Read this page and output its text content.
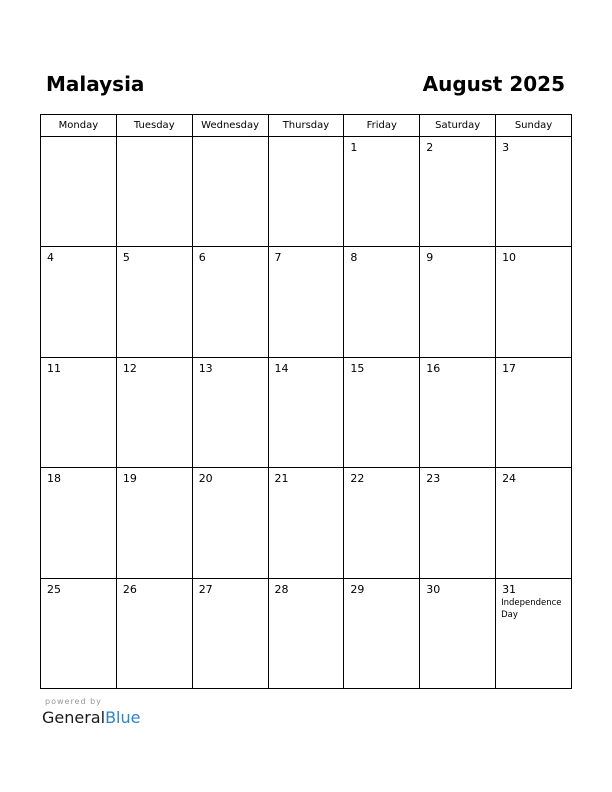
Malaysia	August 2025
Monday	Tuesday	Wednesday	Thursday	Friday	Saturday	Sunday

				1	2	3

4	5	6	7	8	9	10

11	12	13	14	15	16	17

18	19	20	21	22	23	24

25	26	27	28	29	30	31
Independence Day

powered by

GeneralBlue
